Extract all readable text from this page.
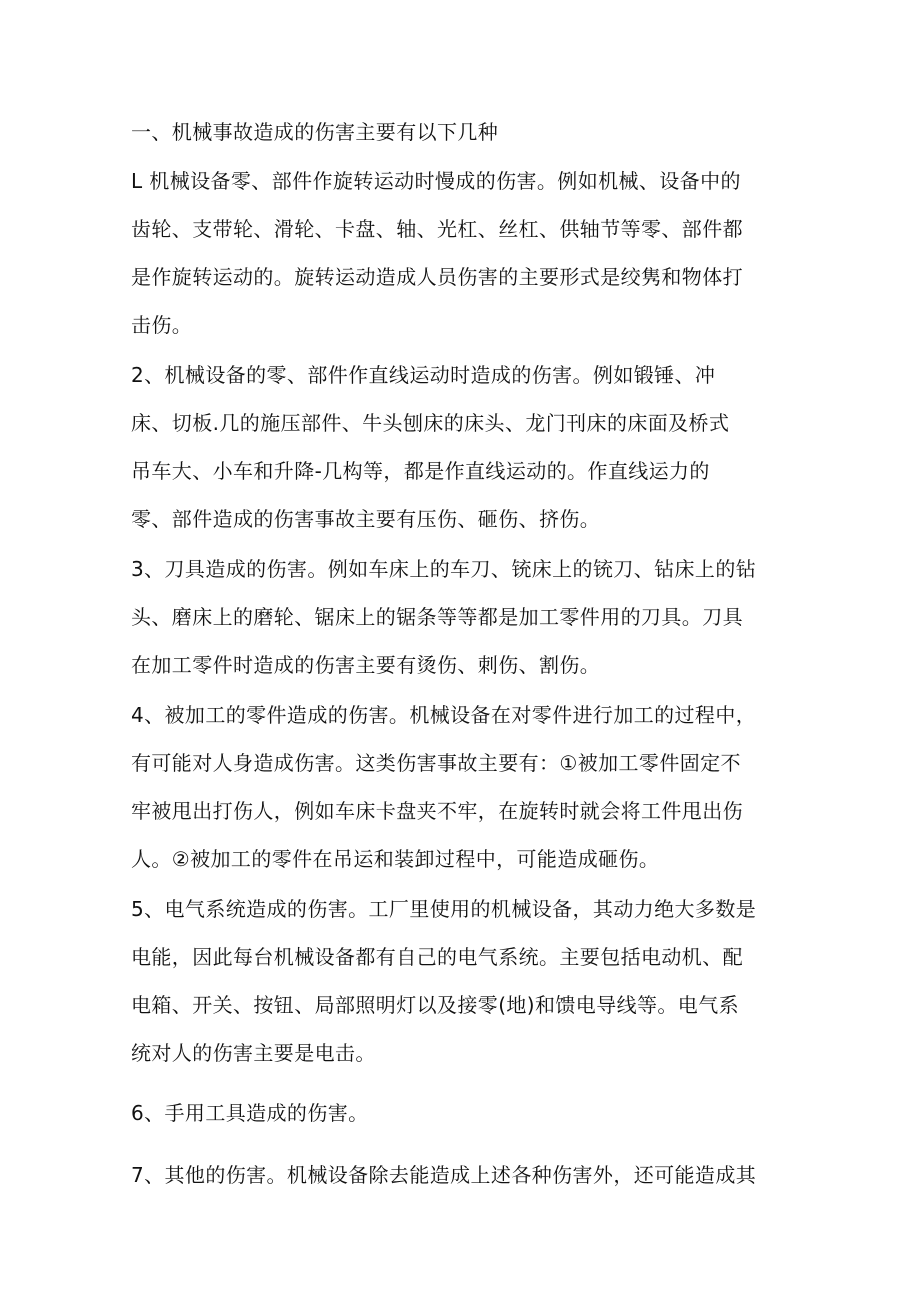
一、机械事故造成的伤害主要有以下几种
L 机械设备零、部件作旋转运动时慢成的伤害。例如机械、设备中的
齿轮、支带轮、滑轮、卡盘、轴、光杠、丝杠、供轴节等零、部件都
是作旋转运动的。旋转运动造成人员伤害的主要形式是绞隽和物体打
击伤。
2、机械设备的零、部件作直线运动时造成的伤害。例如锻锤、冲
床、切板.几的施压部件、牛头刨床的床头、龙门刊床的床面及桥式
吊车大、小车和升降-几构等，都是作直线运动的。作直线运力的
零、部件造成的伤害事故主要有压伤、砸伤、挤伤。
3、刀具造成的伤害。例如车床上的车刀、铳床上的铳刀、钻床上的钻
头、磨床上的磨轮、锯床上的锯条等等都是加工零件用的刀具。刀具
在加工零件时造成的伤害主要有烫伤、刺伤、割伤。
4、被加工的零件造成的伤害。机械设备在对零件进行加工的过程中，
有可能对人身造成伤害。这类伤害事故主要有：①被加工零件固定不
牢被甩出打伤人，例如车床卡盘夹不牢，在旋转时就会将工件甩出伤
人。②被加工的零件在吊运和装卸过程中，可能造成砸伤。
5、电气系统造成的伤害。工厂里使用的机械设备，其动力绝大多数是
电能，因此每台机械设备都有自己的电气系统。主要包括电动机、配
电箱、开关、按钮、局部照明灯以及接零(地)和馈电导线等。电气系
统对人的伤害主要是电击。
6、手用工具造成的伤害。
7、其他的伤害。机械设备除去能造成上述各种伤害外，还可能造成其
